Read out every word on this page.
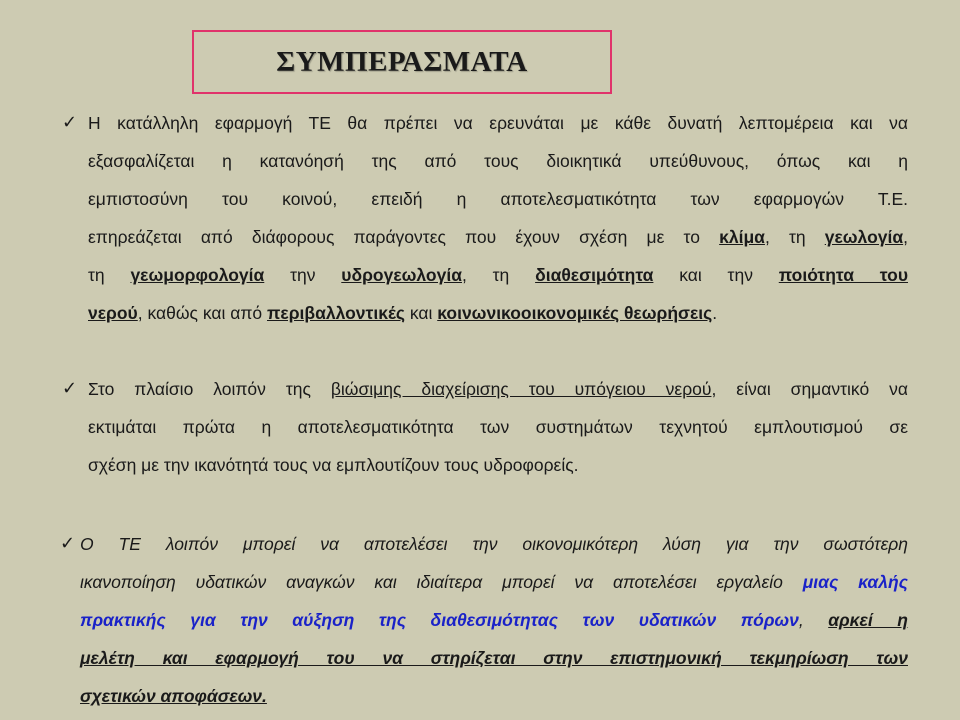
ΣΥΜΠΕΡΑΣΜΑΤΑ
✓ Η κατάλληλη εφαρμογή ΤΕ θα πρέπει να ερευνάται με κάθε δυνατή λεπτομέρεια και να
εξασφαλίζεται η κατανόησή της από τους διοικητικά υπεύθυνους, όπως και η
εμπιστοσύνη του κοινού, επειδή η αποτελεσματικότητα των εφαρμογών Τ.Ε.
επηρεάζεται από διάφορους παράγοντες που έχουν σχέση με το κλίμα, τη γεωλογία,
τη γεωμορφολογία την υδρογεωλογία, τη διαθεσιμότητα και την ποιότητα του
νερού, καθώς και από περιβαλλοντικές και κοινωνικοοικονομικές θεωρήσεις.
✓ Στο πλαίσιο λοιπόν της βιώσιμης διαχείρισης του υπόγειου νερού, είναι σημαντικό να
εκτιμάται πρώτα η αποτελεσματικότητα των συστημάτων τεχνητού εμπλουτισμού σε
σχέση με την ικανότητά τους να εμπλουτίζουν τους υδροφορείς.
✓ Ο ΤΕ λοιπόν μπορεί να αποτελέσει την οικονομικότερη λύση για την σωστότερη
ικανοποίηση υδατικών αναγκών και ιδιαίτερα μπορεί να αποτελέσει εργαλείο μιας καλής
πρακτικής για την αύξηση της διαθεσιμότητας των υδατικών πόρων, αρκεί η
μελέτη και εφαρμογή του να στηρίζεται στην επιστημονική τεκμηρίωση των
σχετικών αποφάσεων.
